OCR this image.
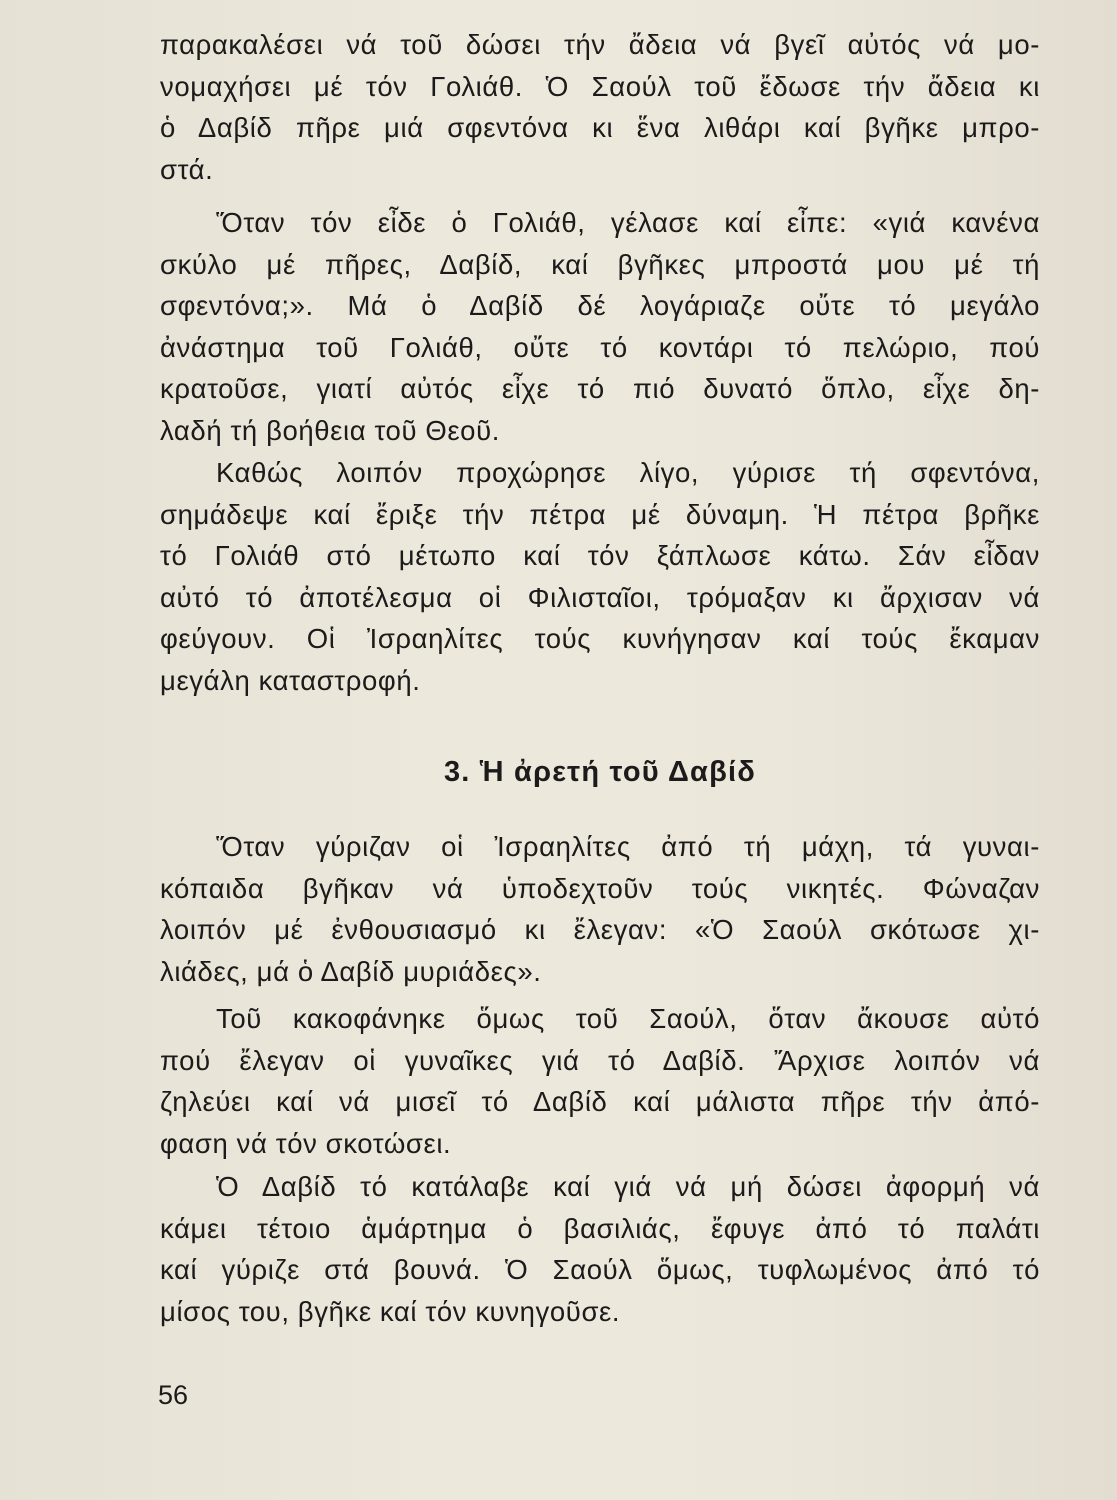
παρακαλέσει νά τοῦ δώσει τήν ἄδεια νά βγεῖ αὐτός νά μο-
νομαχήσει μέ τόν Γολιάθ. Ὁ Σαούλ τοῦ ἔδωσε τήν ἄδεια κι
ὁ Δαβίδ πῆρε μιά σφεντόνα κι ἕνα λιθάρι καί βγῆκε μπρο-
στά.
Ὅταν τόν εἶδε ὁ Γολιάθ, γέλασε καί εἶπε: «γιά κανένα
σκύλο μέ πῆρες, Δαβίδ, καί βγῆκες μπροστά μου μέ τή
σφεντόνα;». Μά ὁ Δαβίδ δέ λογάριαζε οὔτε τό μεγάλο
ἀνάστημα τοῦ Γολιάθ, οὔτε τό κοντάρι τό πελώριο, πού
κρατοῦσε, γιατί αὐτός εἶχε τό πιό δυνατό ὅπλο, εἶχε δη-
λαδή τή βοήθεια τοῦ Θεοῦ.
Καθώς λοιπόν προχώρησε λίγο, γύρισε τή σφεντόνα,
σημάδεψε καί ἔριξε τήν πέτρα μέ δύναμη. Ἡ πέτρα βρῆκε
τό Γολιάθ στό μέτωπο καί τόν ξάπλωσε κάτω. Σάν εἶδαν
αὐτό τό ἀποτέλεσμα οἱ Φιλισταῖοι, τρόμαξαν κι ἄρχισαν νά
φεύγουν. Οἱ Ἰσραηλίτες τούς κυνήγησαν καί τούς ἔκαμαν
μεγάλη καταστροφή.
3. Ἡ ἀρετή τοῦ Δαβίδ
Ὅταν γύριζαν οἱ Ἰσραηλίτες ἀπό τή μάχη, τά γυναι-
κόπαιδα βγῆκαν νά ὑποδεχτοῦν τούς νικητές. Φώναζαν
λοιπόν μέ ἐνθουσιασμό κι ἔλεγαν: «Ὁ Σαούλ σκότωσε χι-
λιάδες, μά ὁ Δαβίδ μυριάδες».
Τοῦ κακοφάνηκε ὅμως τοῦ Σαούλ, ὅταν ἄκουσε αὐτό
πού ἔλεγαν οἱ γυναῖκες γιά τό Δαβίδ. Ἄρχισε λοιπόν νά
ζηλεύει καί νά μισεῖ τό Δαβίδ καί μάλιστα πῆρε τήν ἀπό-
φαση νά τόν σκοτώσει.
Ὁ Δαβίδ τό κατάλαβε καί γιά νά μή δώσει ἀφορμή νά
κάμει τέτοιο ἁμάρτημα ὁ βασιλιάς, ἔφυγε ἀπό τό παλάτι
καί γύριζε στά βουνά. Ὁ Σαούλ ὅμως, τυφλωμένος ἀπό τό
μίσος του, βγῆκε καί τόν κυνηγοῦσε.
56
